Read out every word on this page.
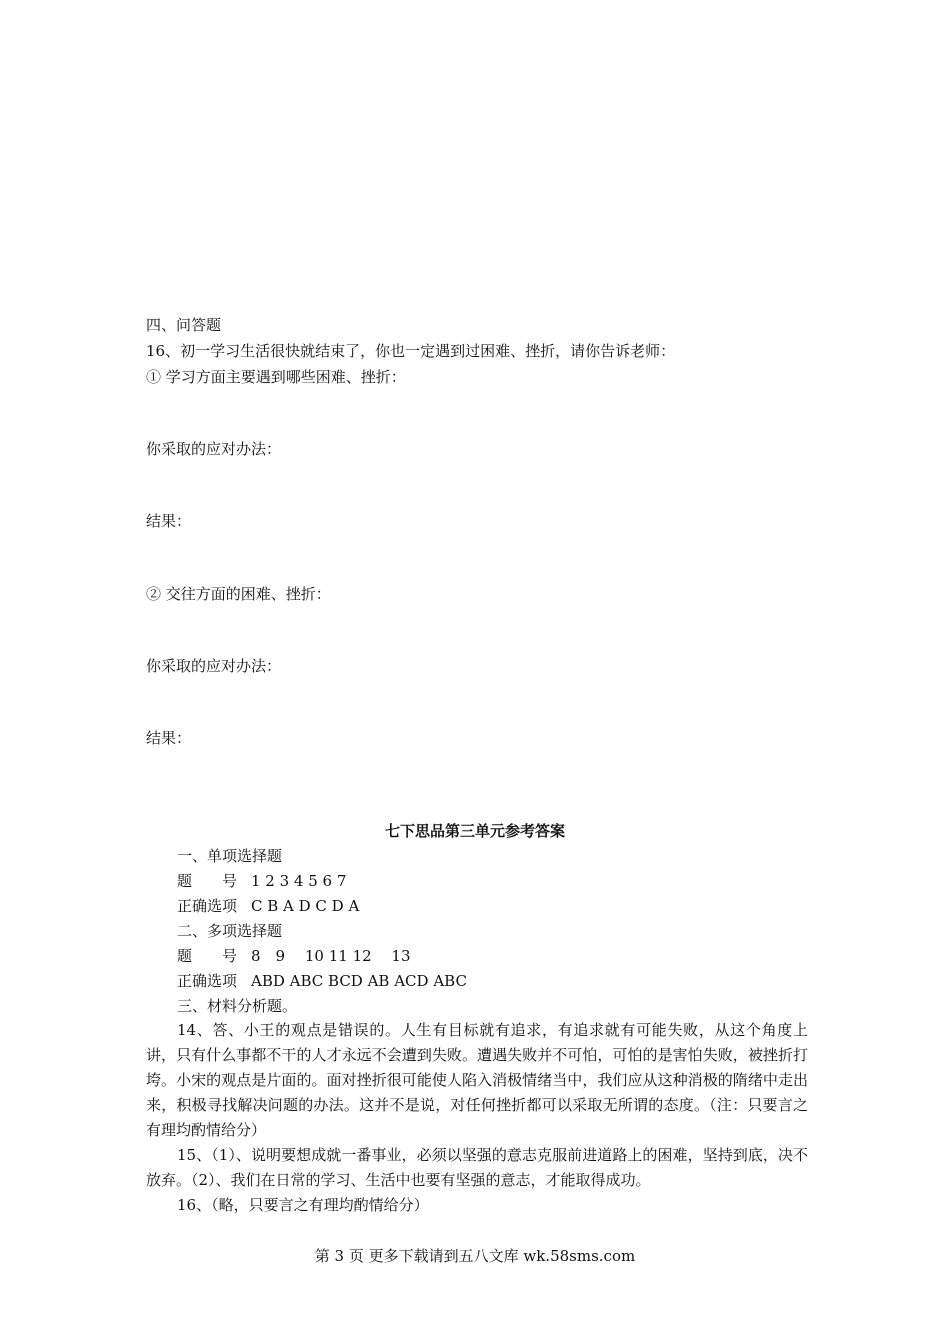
四、问答题
16、初一学习生活很快就结束了，你也一定遇到过困难、挫折，请你告诉老师：
① 学习方面主要遇到哪些困难、挫折：
你采取的应对办法：
结果：
② 交往方面的困难、挫折：
你采取的应对办法：
结果：
七下思品第三单元参考答案
一、单项选择题
题　　号 1 2 3 4 5 6 7
正确选项 C B A D C D A
二、多项选择题
题　　号 8　9　 10 11 12　 13
正确选项 ABD ABC BCD AB ACD ABC
三、材料分析题。
14、答、小王的观点是错误的。人生有目标就有追求，有追求就有可能失败，从这个角度上讲，只有什么事都不干的人才永远不会遭到失败。遭遇失败并不可怕，可怕的是害怕失败，被挫折打垮。小宋的观点是片面的。面对挫折很可能使人陷入消极情绪当中，我们应从这种消极的隋绪中走出来，积极寻找解决问题的办法。这并不是说，对任何挫折都可以采取无所谓的态度。（注：只要言之有理均酌情给分）
15、（1）、说明要想成就一番事业，必须以坚强的意志克服前进道路上的困难，坚持到底，决不放弃。（2）、我们在日常的学习、生活中也要有坚强的意志，才能取得成功。
16、（略，只要言之有理均酌情给分）
第 3 页 更多下载请到五八文库 wk.58sms.com
